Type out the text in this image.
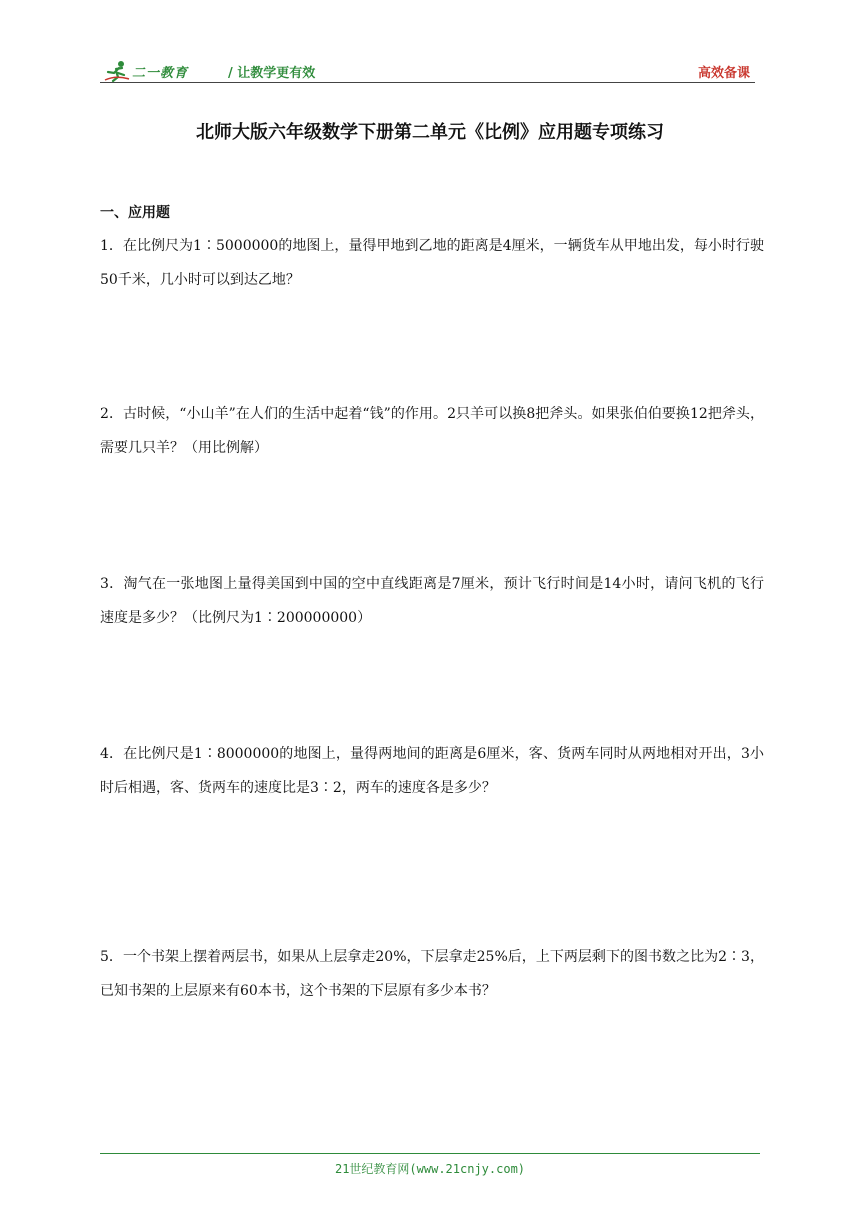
二一教育	/ 让教学更有效	高效备课
北师大版六年级数学下册第二单元《比例》应用题专项练习
一、应用题
1．在比例尺为1∶5000000的地图上，量得甲地到乙地的距离是4厘米，一辆货车从甲地出发，每小时行驶50千米，几小时可以到达乙地？
2．古时候，“小山羊”在人们的生活中起着“钱”的作用。2只羊可以换8把斧头。如果张伯伯要换12把斧头，需要几只羊？（用比例解）
3．淘气在一张地图上量得美国到中国的空中直线距离是7厘米，预计飞行时间是14小时，请问飞机的飞行速度是多少？（比例尺为1∶200000000）
4．在比例尺是1∶8000000的地图上，量得两地间的距离是6厘米，客、货两车同时从两地相对开出，3小时后相遇，客、货两车的速度比是3∶2，两车的速度各是多少？
5．一个书架上摆着两层书，如果从上层拿走20%，下层拿走25%后，上下两层剩下的图书数之比为2∶3，已知书架的上层原来有60本书，这个书架的下层原有多少本书？
21世纪教育网(www.21cnjy.com)
